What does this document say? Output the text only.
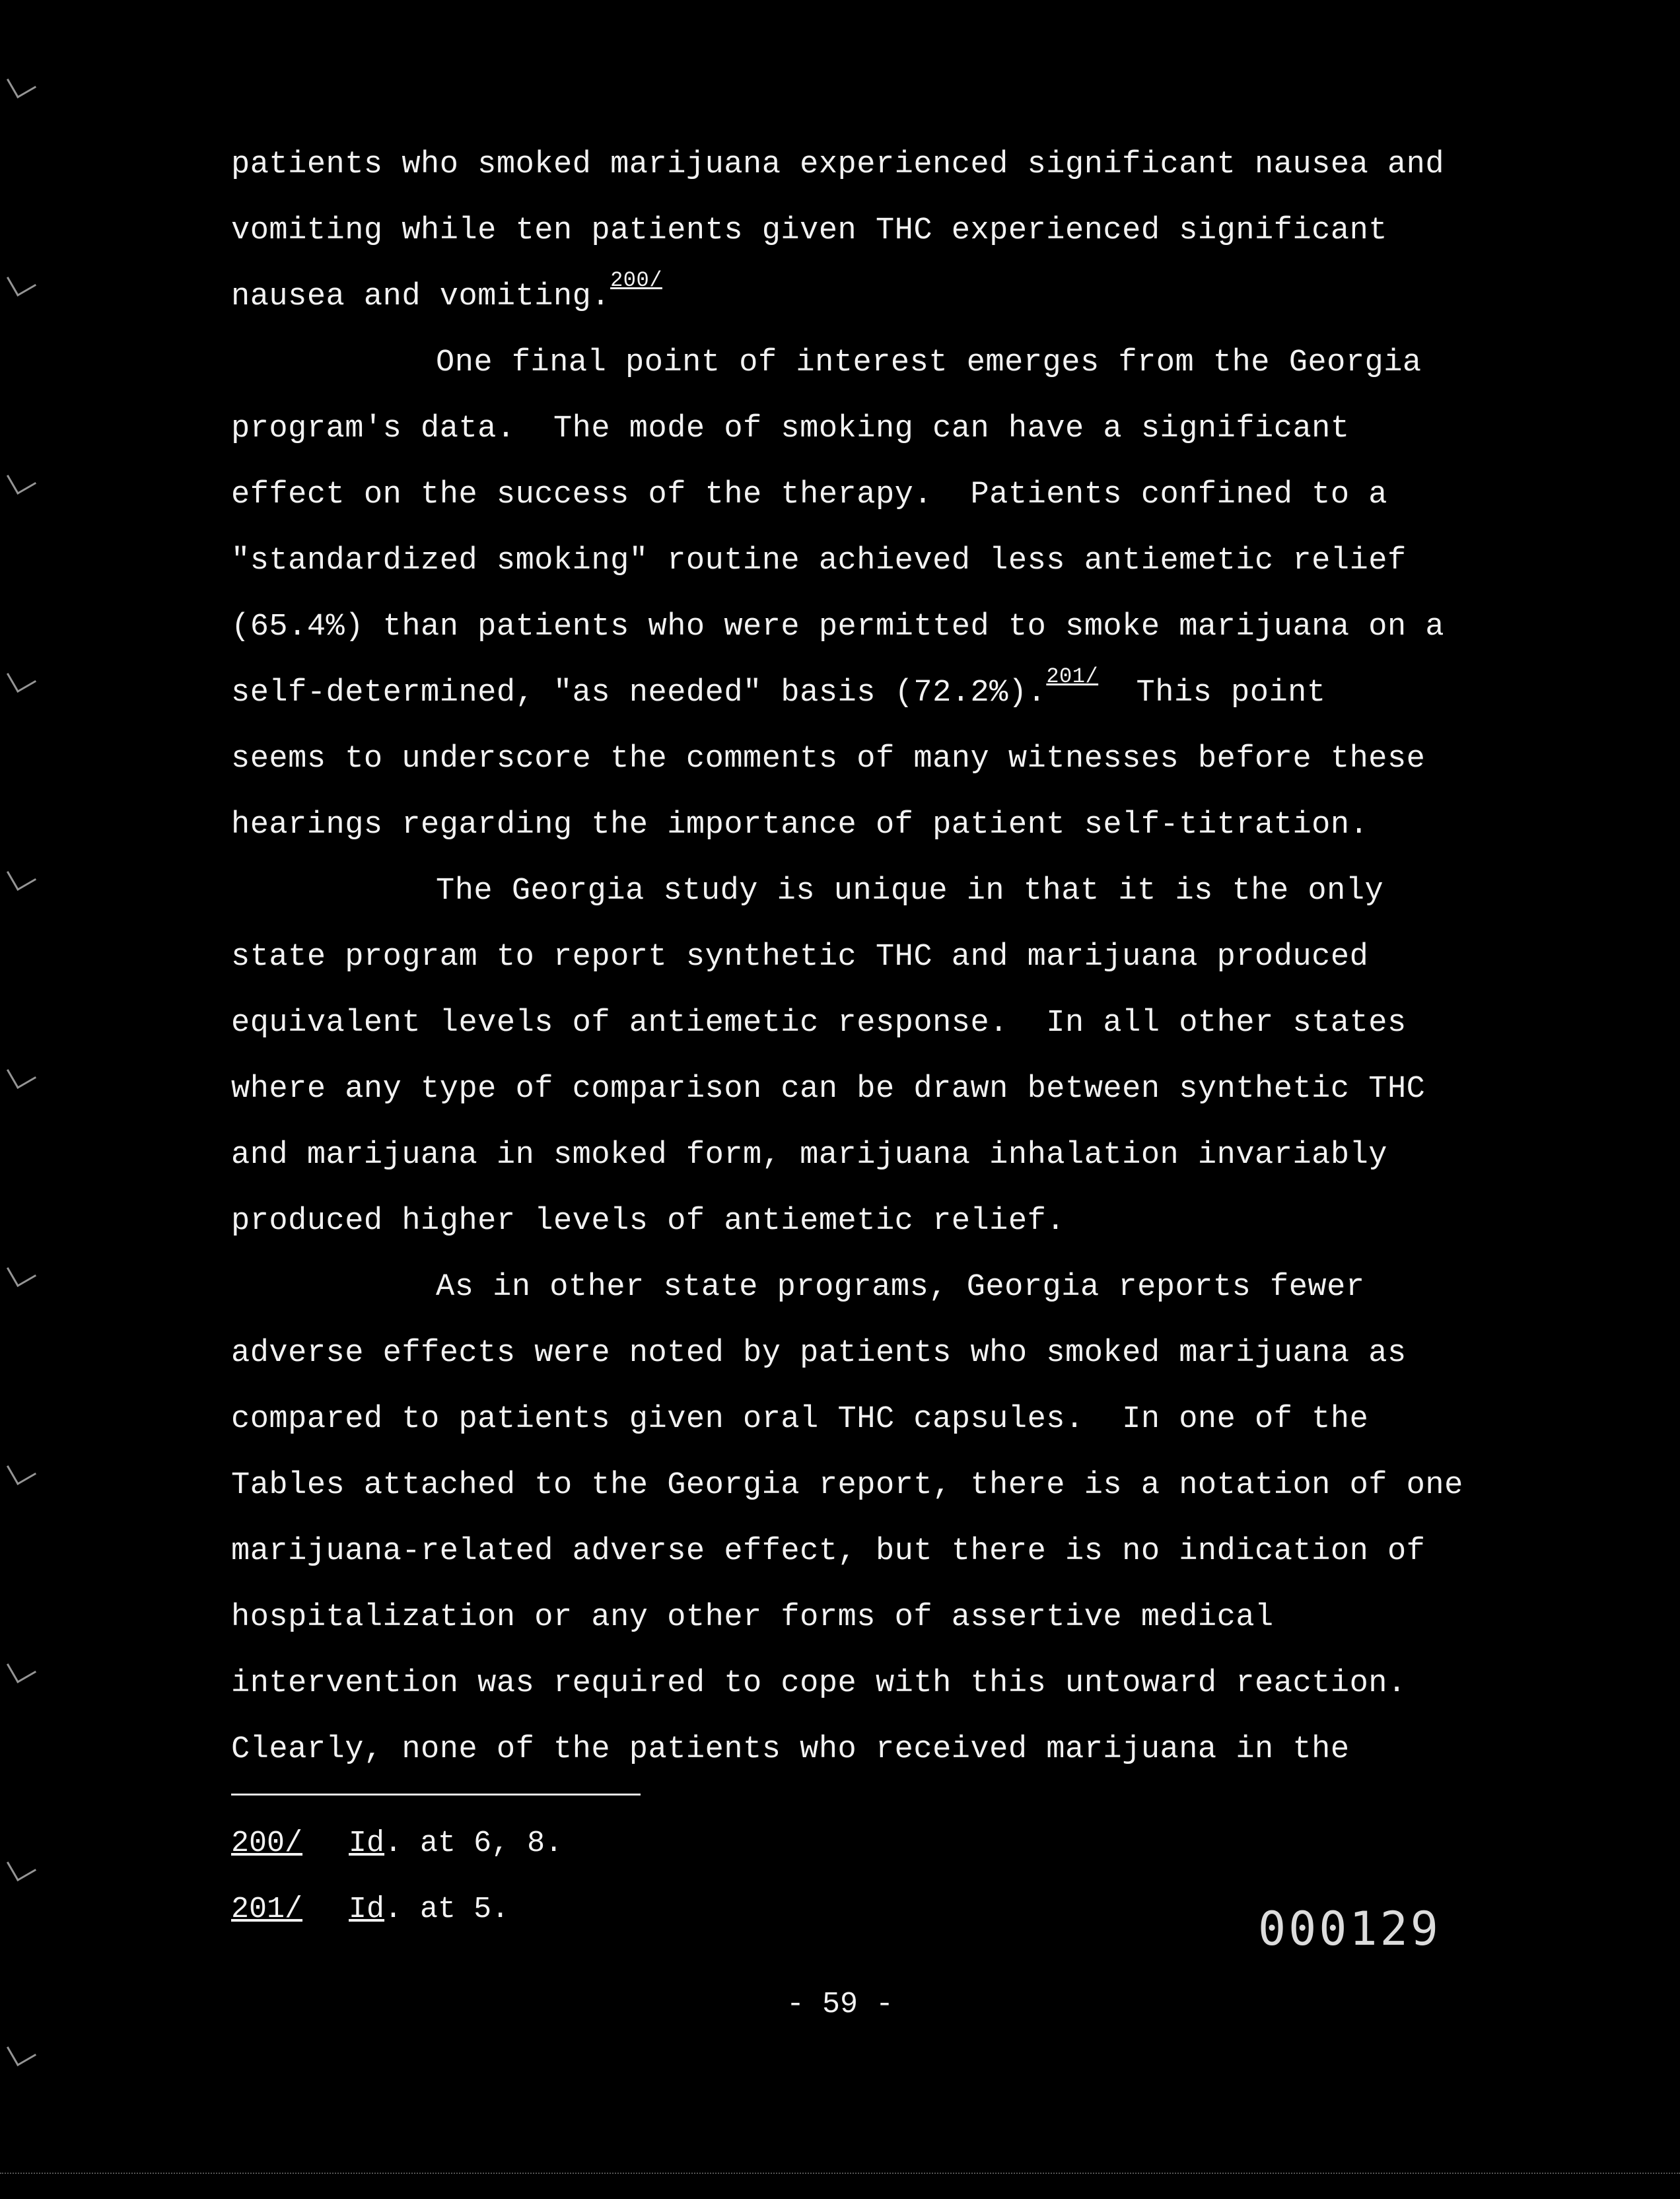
patients who smoked marijuana experienced significant nausea and
vomiting while ten patients given THC experienced significant
nausea and vomiting.$^{200/}$
One final point of interest emerges from the Georgia
program's data.  The mode of smoking can have a significant
effect on the success of the therapy.  Patients confined to a
"standardized smoking" routine achieved less antiemetic relief
(65.4%) than patients who were permitted to smoke marijuana on a
self-determined, "as needed" basis (72.2%).$^{201/}$  This point
seems to underscore the comments of many witnesses before these
hearings regarding the importance of patient self-titration.
The Georgia study is unique in that it is the only
state program to report synthetic THC and marijuana produced
equivalent levels of antiemetic response.  In all other states
where any type of comparison can be drawn between synthetic THC
and marijuana in smoked form, marijuana inhalation invariably
produced higher levels of antiemetic relief.
As in other state programs, Georgia reports fewer
adverse effects were noted by patients who smoked marijuana as
compared to patients given oral THC capsules.  In one of the
Tables attached to the Georgia report, there is a notation of one
marijuana-related adverse effect, but there is no indication of
hospitalization or any other forms of assertive medical
intervention was required to cope with this untoward reaction.
Clearly, none of the patients who received marijuana in the
200/ Id. at 6, 8.
201/ Id. at 5.	000129
- 59 -
